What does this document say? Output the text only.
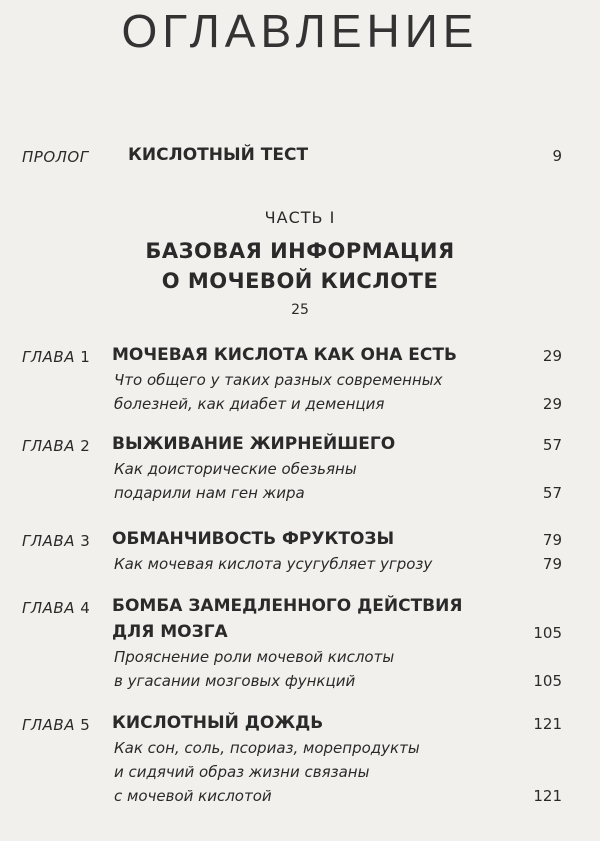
ОГЛАВЛЕНИЕ
ПРОЛОГ КИСЛОТНЫЙ ТЕСТ	9
ЧАСТЬ I
БАЗОВАЯ ИНФОРМАЦИЯ
О МОЧЕВОЙ КИСЛОТЕ
25
ГЛАВА 1 МОЧЕВАЯ КИСЛОТА КАК ОНА ЕСТЬ	29
Что общего у таких разных современных
болезней, как диабет и деменция	29
ГЛАВА 2 ВЫЖИВАНИЕ ЖИРНЕЙШЕГО	57
Как доисторические обезьяны
подарили нам ген жира	57
ГЛАВА 3 ОБМАНЧИВОСТЬ ФРУКТОЗЫ	79
Как мочевая кислота усугубляет угрозу	79
ГЛАВА 4 БОМБА ЗАМЕДЛЕННОГО ДЕЙСТВИЯ
ДЛЯ МОЗГА	105
Прояснение роли мочевой кислоты
в угасании мозговых функций	105
ГЛАВА 5 КИСЛОТНЫЙ ДОЖДЬ	121
Как сон, соль, псориаз, морепродукты
и сидячий образ жизни связаны
с мочевой кислотой	121
